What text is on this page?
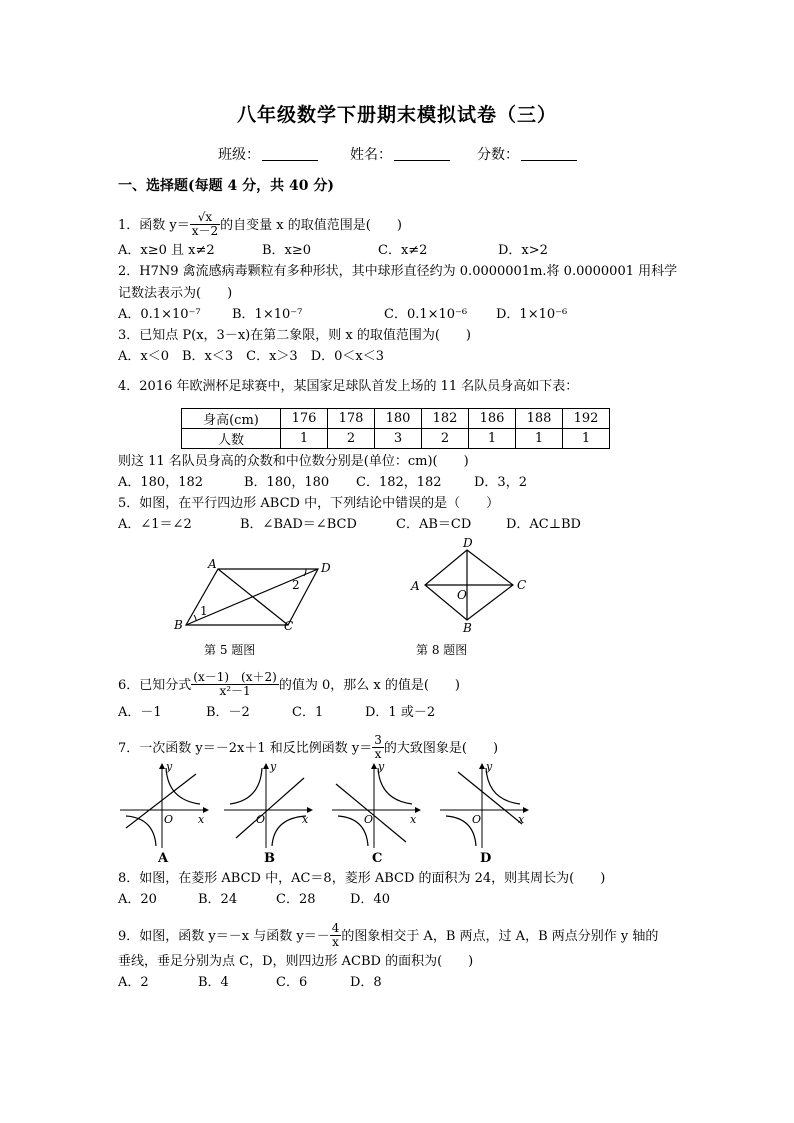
八年级数学下册期末模拟试卷（三）
班级：	姓名：	分数：
一、选择题(每题 4 分，共 40 分)
1．函数 $y= \frac{√x}{x-2}$ 的自变量 x 的取值范围是(　　)
A．x≥0 且 x≠2	B．x≥0	C．x≠2	D．x>2
2．H7N9 禽流感病毒颗粒有多种形状，其中球形直径约为 0.0000001m.将 0.0000001 用科学
记数法表示为(　　)
A．0.1×10⁻⁷ B．1×10⁻⁷	C．0.1×10⁻⁶ D．1×10⁻⁶
3．已知点 P(x，3－x)在第二象限，则 x 的取值范围为(　　)
A．x＜0　B．x＜3　C．x＞3　D．0＜x＜3
4．2016 年欧洲杯足球赛中，某国家足球队首发上场的 11 名队员身高如下表：
身高(cm)	176	178	180	182	186	188	192
人数	1	2	3	2	1	1	1
则这 11 名队员身高的众数和中位数分别是(单位：cm)(　　)
A．180，182	B．180，180 C．182，182 D．3，2
5．如图，在平行四边形 ABCD 中，下列结论中错误的是（　　）
A．∠1＝∠2	B．∠BAD＝∠BCD	C．AB＝CD	D．AC⊥BD
A	D
B	C
1
2
第 5 题图
D
C
B
A
O
第 8 题图
6．已知分式 $\frac{(x-1) (x+2)}{\text{x²－1}}$ 的值为 0，那么 x 的值是(　　)
A．－1	B．－2	C．1	D．1 或－2
7．一次函数 y＝－2x＋1 和反比例函数 $y= \frac{3}{x}$ 的大致图象是(　　)
O x
y
O	x
y
O	x
y
O	x
y
A	B	C	D
8．如图，在菱形 ABCD 中，AC＝8，菱形 ABCD 的面积为 24，则其周长为(　　)
A．20	B．24	C．28	D．40
9．如图，函数 y＝－x 与函数 $y=- \frac{4}{x}$ 的图象相交于 A，B 两点，过 A，B 两点分别作 y 轴的
垂线，垂足分别为点 C，D，则四边形 ACBD 的面积为(　　)
A．2	B．4	C．6	D．8
